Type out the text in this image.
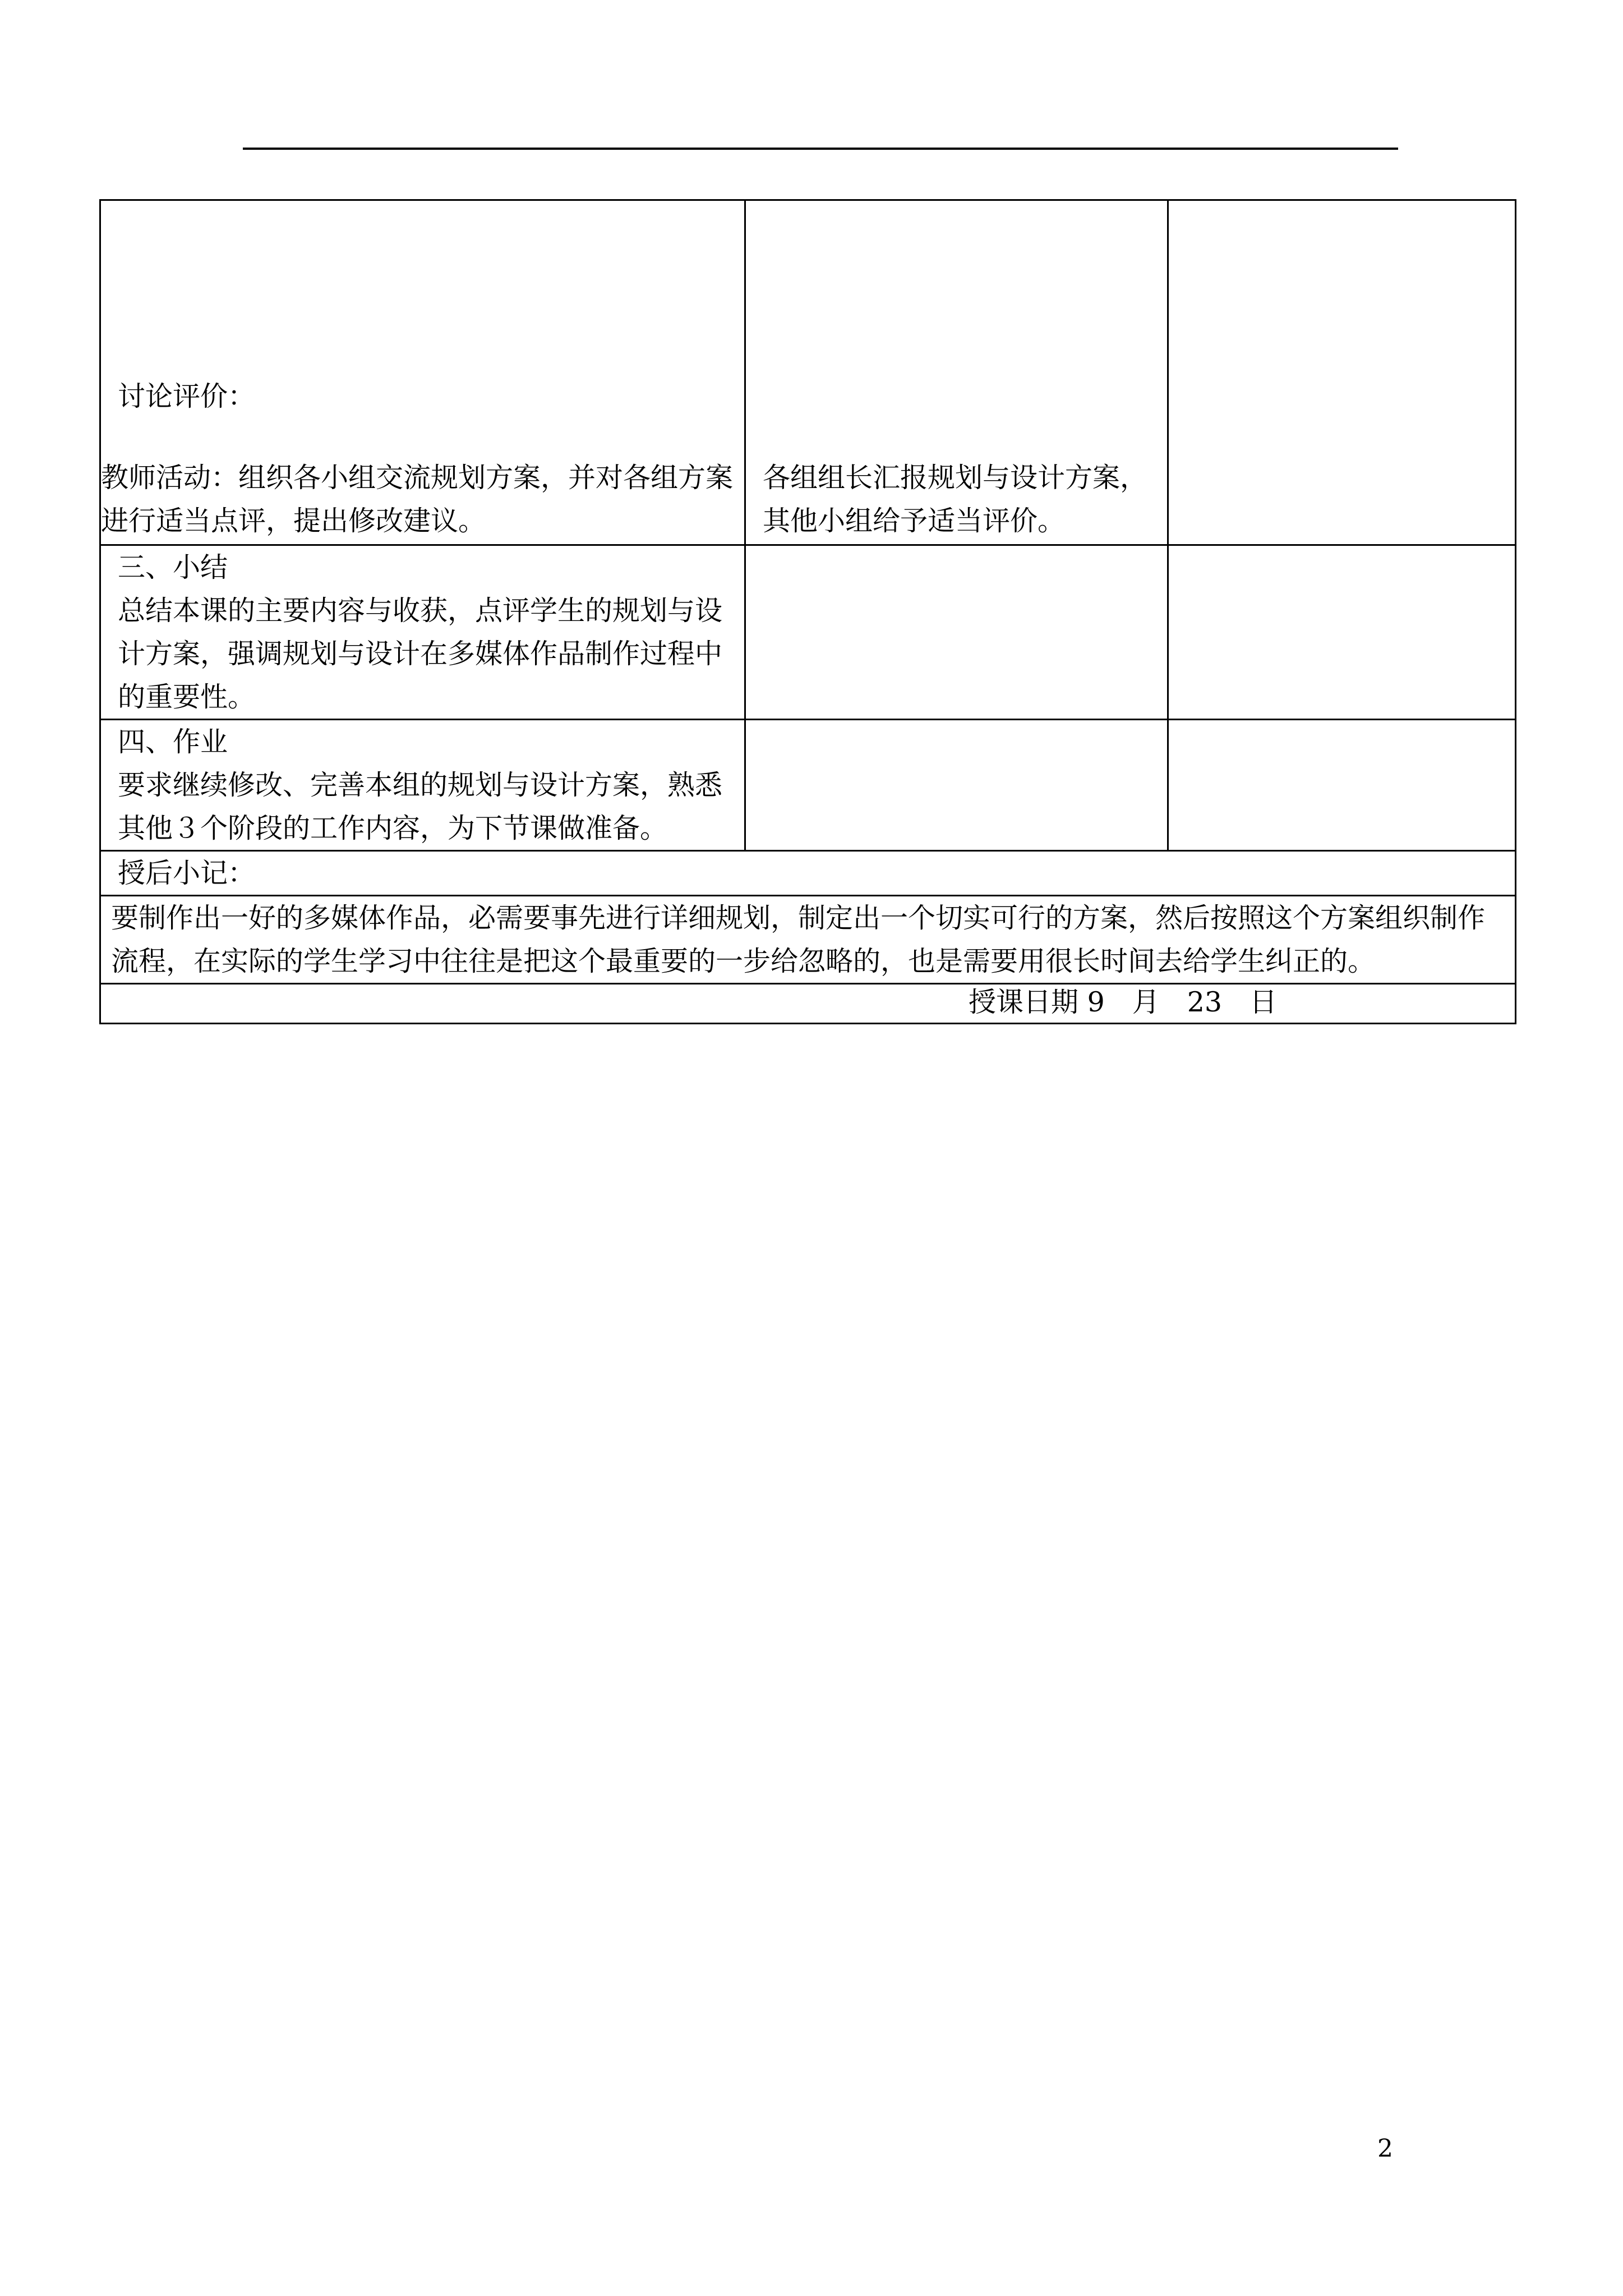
讨论评价：
教师活动：组织各小组交流规划方案，并对各组方案进行适当点评，提出修改建议。	各组组长汇报规划与设计方案，其他小组给予适当评价。	

三、小结
总结本课的主要内容与收获，点评学生的规划与设计方案，强调规划与设计在多媒体作品制作过程中的重要性。		

四、作业
要求继续修改、完善本组的规划与设计方案，熟悉其他３个阶段的工作内容，为下节课做准备。		

授后小记：		
要制作出一好的多媒体作品，必需要事先进行详细规划，制定出一个切实可行的方案，然后按照这个方案组织制作流程，在实际的学生学习中往往是把这个最重要的一步给忽略的，也是需要用很长时间去给学生纠正的。		
授课日期 9　月　23　日		
2
